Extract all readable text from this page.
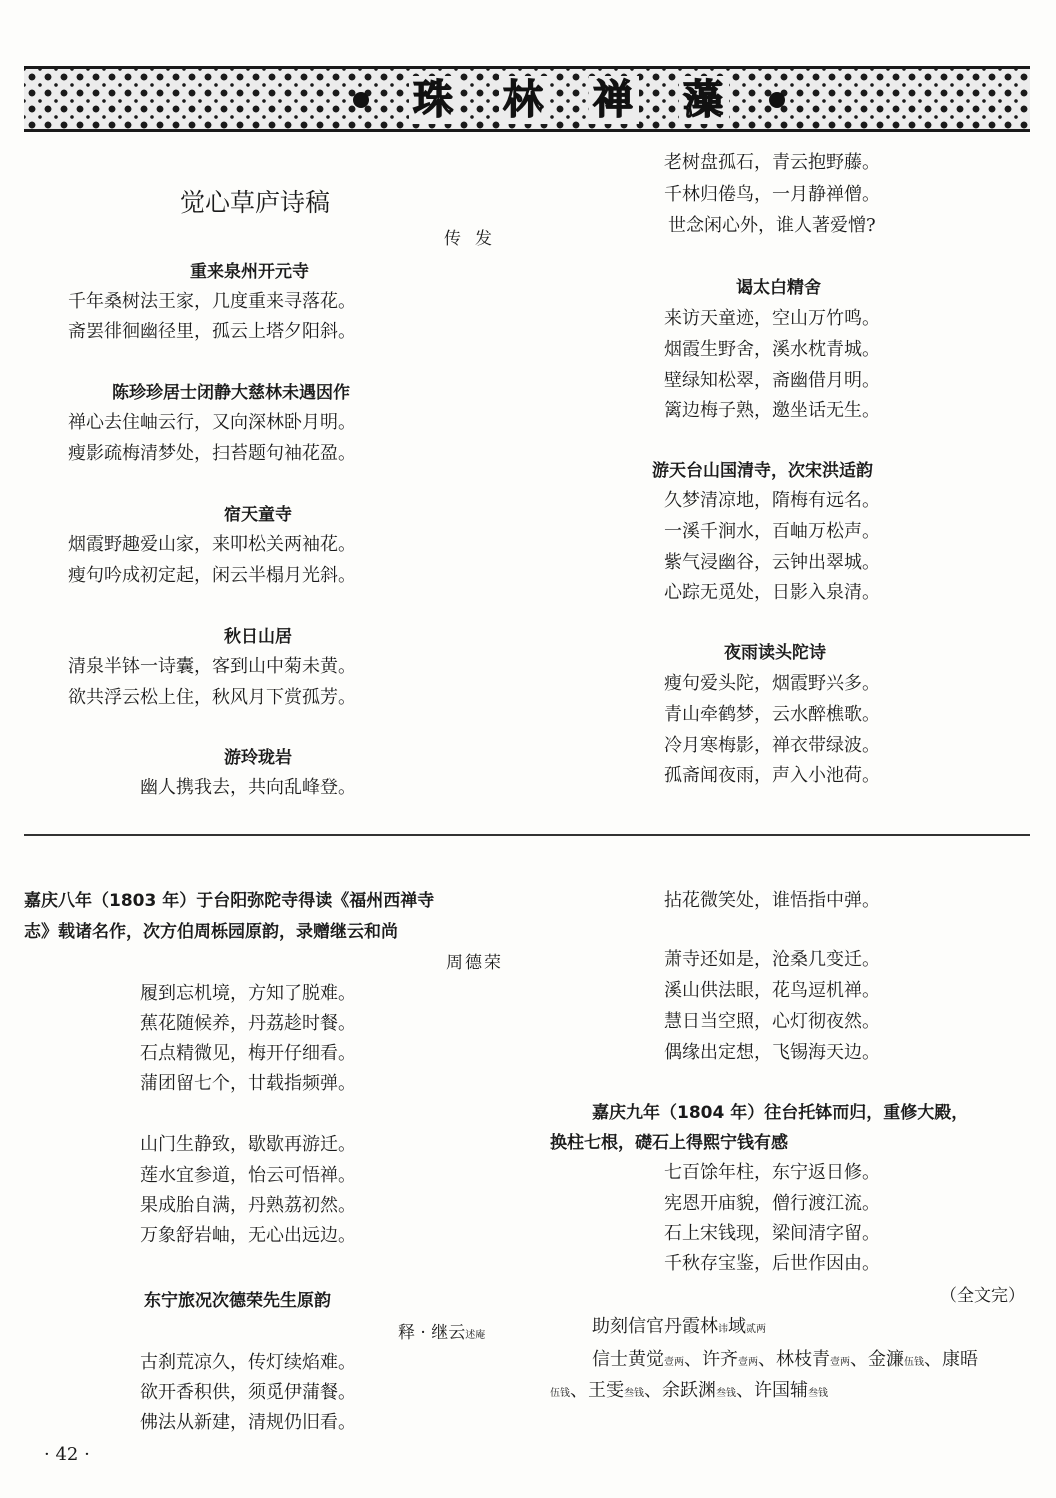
珠 林 禅 藻
觉心草庐诗稿
传发
重来泉州开元寺
千年桑树法王家，几度重来寻落花。
斋罢徘徊幽径里，孤云上塔夕阳斜。
陈珍珍居士闭静大慈林未遇因作
禅心去住岫云行，又向深林卧月明。
瘦影疏梅清梦处，扫苔题句袖花盈。
宿天童寺
烟霞野趣爱山家，来叩松关两袖花。
瘦句吟成初定起，闲云半榻月光斜。
秋日山居
清泉半钵一诗囊，客到山中菊未黄。
欲共浮云松上住，秋风月下赏孤芳。
游玲珑岩
幽人携我去，共向乱峰登。
老树盘孤石，青云抱野藤。
千林归倦鸟，一月静禅僧。
世念闲心外，谁人著爱憎?
谒太白精舍
来访天童迹，空山万竹鸣。
烟霞生野舍，溪水枕青城。
壁绿知松翠，斋幽借月明。
篱边梅子熟，邀坐话无生。
游天台山国清寺，次宋洪适韵
久梦清凉地，隋梅有远名。
一溪千涧水，百岫万松声。
紫气浸幽谷，云钟出翠城。
心踪无觅处，日影入泉清。
夜雨读头陀诗
瘦句爱头陀，烟霞野兴多。
青山牵鹤梦，云水醉樵歌。
冷月寒梅影，禅衣带绿波。
孤斋闻夜雨，声入小池荷。
嘉庆八年（1803 年）于台阳弥陀寺得读《福州西禅寺
志》载诸名作，次方伯周栎园原韵，录赠继云和尚
周德荣
履到忘机境，方知了脱难。
蕉花随候养，丹荔趁时餐。
石点精微见，梅开仔细看。
蒲团留七个，廿载指频弹。
山门生静致，歇歇再游迁。
莲水宜参道，怡云可悟禅。
果成胎自满，丹熟荔初然。
万象舒岩岫，无心出远边。
东宁旅况次德荣先生原韵
释 · 继云述庵
古刹荒凉久，传灯续焰难。
欲开香积供，须觅伊蒲餐。
佛法从新建，清规仍旧看。
拈花微笑处，谁悟指中弹。
萧寺还如是，沧桑几变迁。
溪山供法眼，花鸟逗机禅。
慧日当空照，心灯彻夜然。
偶缘出定想，飞锡海天边。
嘉庆九年（1804 年）往台托钵而归，重修大殿，
换柱七根，礎石上得熙宁钱有感
七百馀年柱，东宁返日修。
宪恩开庙貌，僧行渡江流。
石上宋钱现，梁间清字留。
千秋存宝鉴，后世作因由。
（全文完）
助刻信官丹霞林讳域贰两
信士黄觉壹两、许齐壹两、林枝青壹两、金濂伍钱、康晤
伍钱、王雯叁钱、余跃渊叁钱、许国辅叁钱
· 42 ·
